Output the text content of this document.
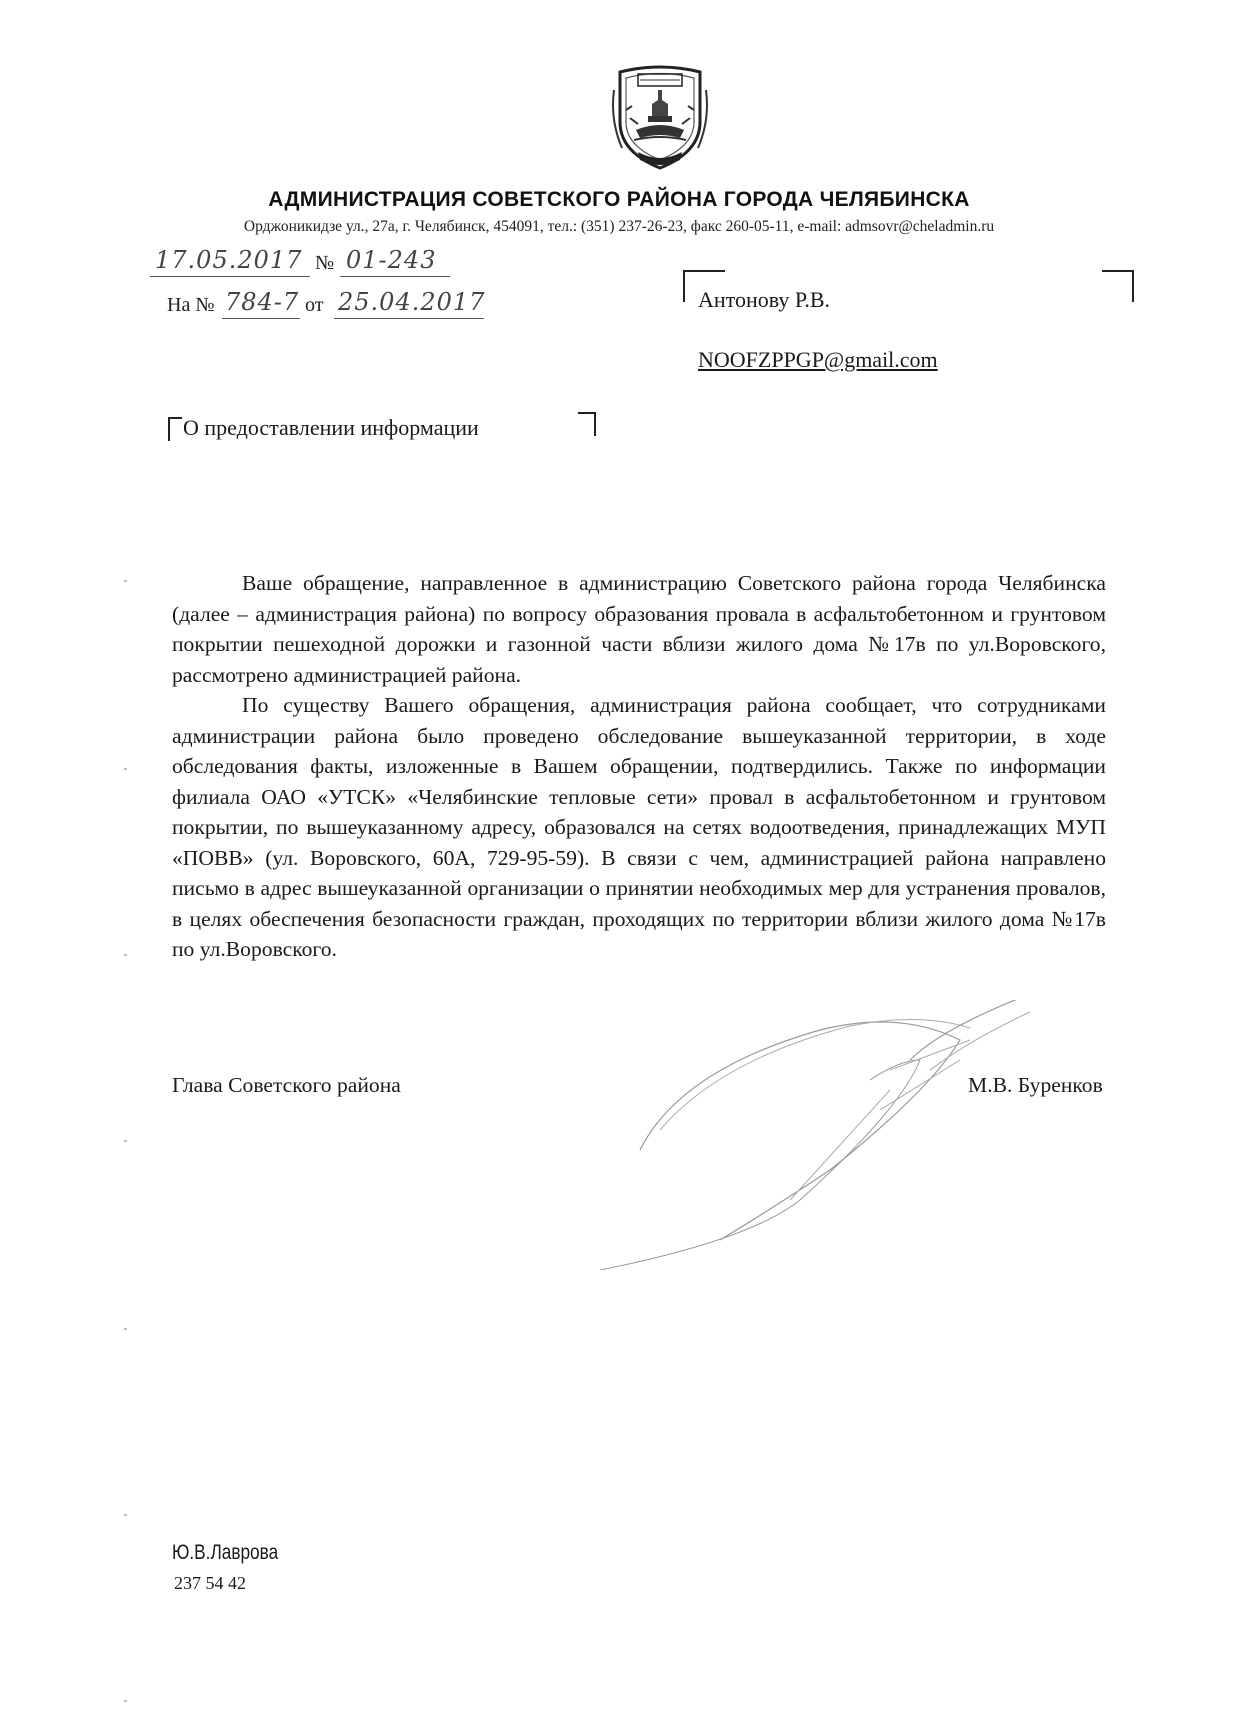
АДМИНИСТРАЦИЯ СОВЕТСКОГО РАЙОНА ГОРОДА ЧЕЛЯБИНСКА
Орджоникидзе ул., 27а, г. Челябинск, 454091, тел.: (351) 237-26-23, факс 260-05-11, e-mail: admsovr@cheladmin.ru
17.05.2017 № 01-243
На № 784-7 от 25.04.2017	Антонову Р.В.
NOOFZPPGP@gmail.com
О предоставлении информации

Ваше обращение, направленное в администрацию Советского района города Челябинска (далее – администрация района) по вопросу образования провала в асфальтобетонном и грунтовом покрытии пешеходной дорожки и газонной части вблизи жилого дома №17в по ул.Воровского, рассмотрено администрацией района.

По существу Вашего обращения, администрация района сообщает, что сотрудниками администрации района было проведено обследование вышеуказанной территории, в ходе обследования факты, изложенные в Вашем обращении, подтвердились. Также по информации филиала ОАО «УТСК» «Челябинские тепловые сети» провал в асфальтобетонном и грунтовом покрытии, по вышеуказанному адресу, образовался на сетях водоотведения, принадлежащих МУП «ПОВВ» (ул. Воровского, 60А, 729-95-59). В связи с чем, администрацией района направлено письмо в адрес вышеуказанной организации о принятии необходимых мер для устранения провалов, в целях обеспечения безопасности граждан, проходящих по территории вблизи жилого дома №17в по ул.Воровского.

Глава Советского района	М.В. Буренков
Ю.В.Лаврова
237 54 42
